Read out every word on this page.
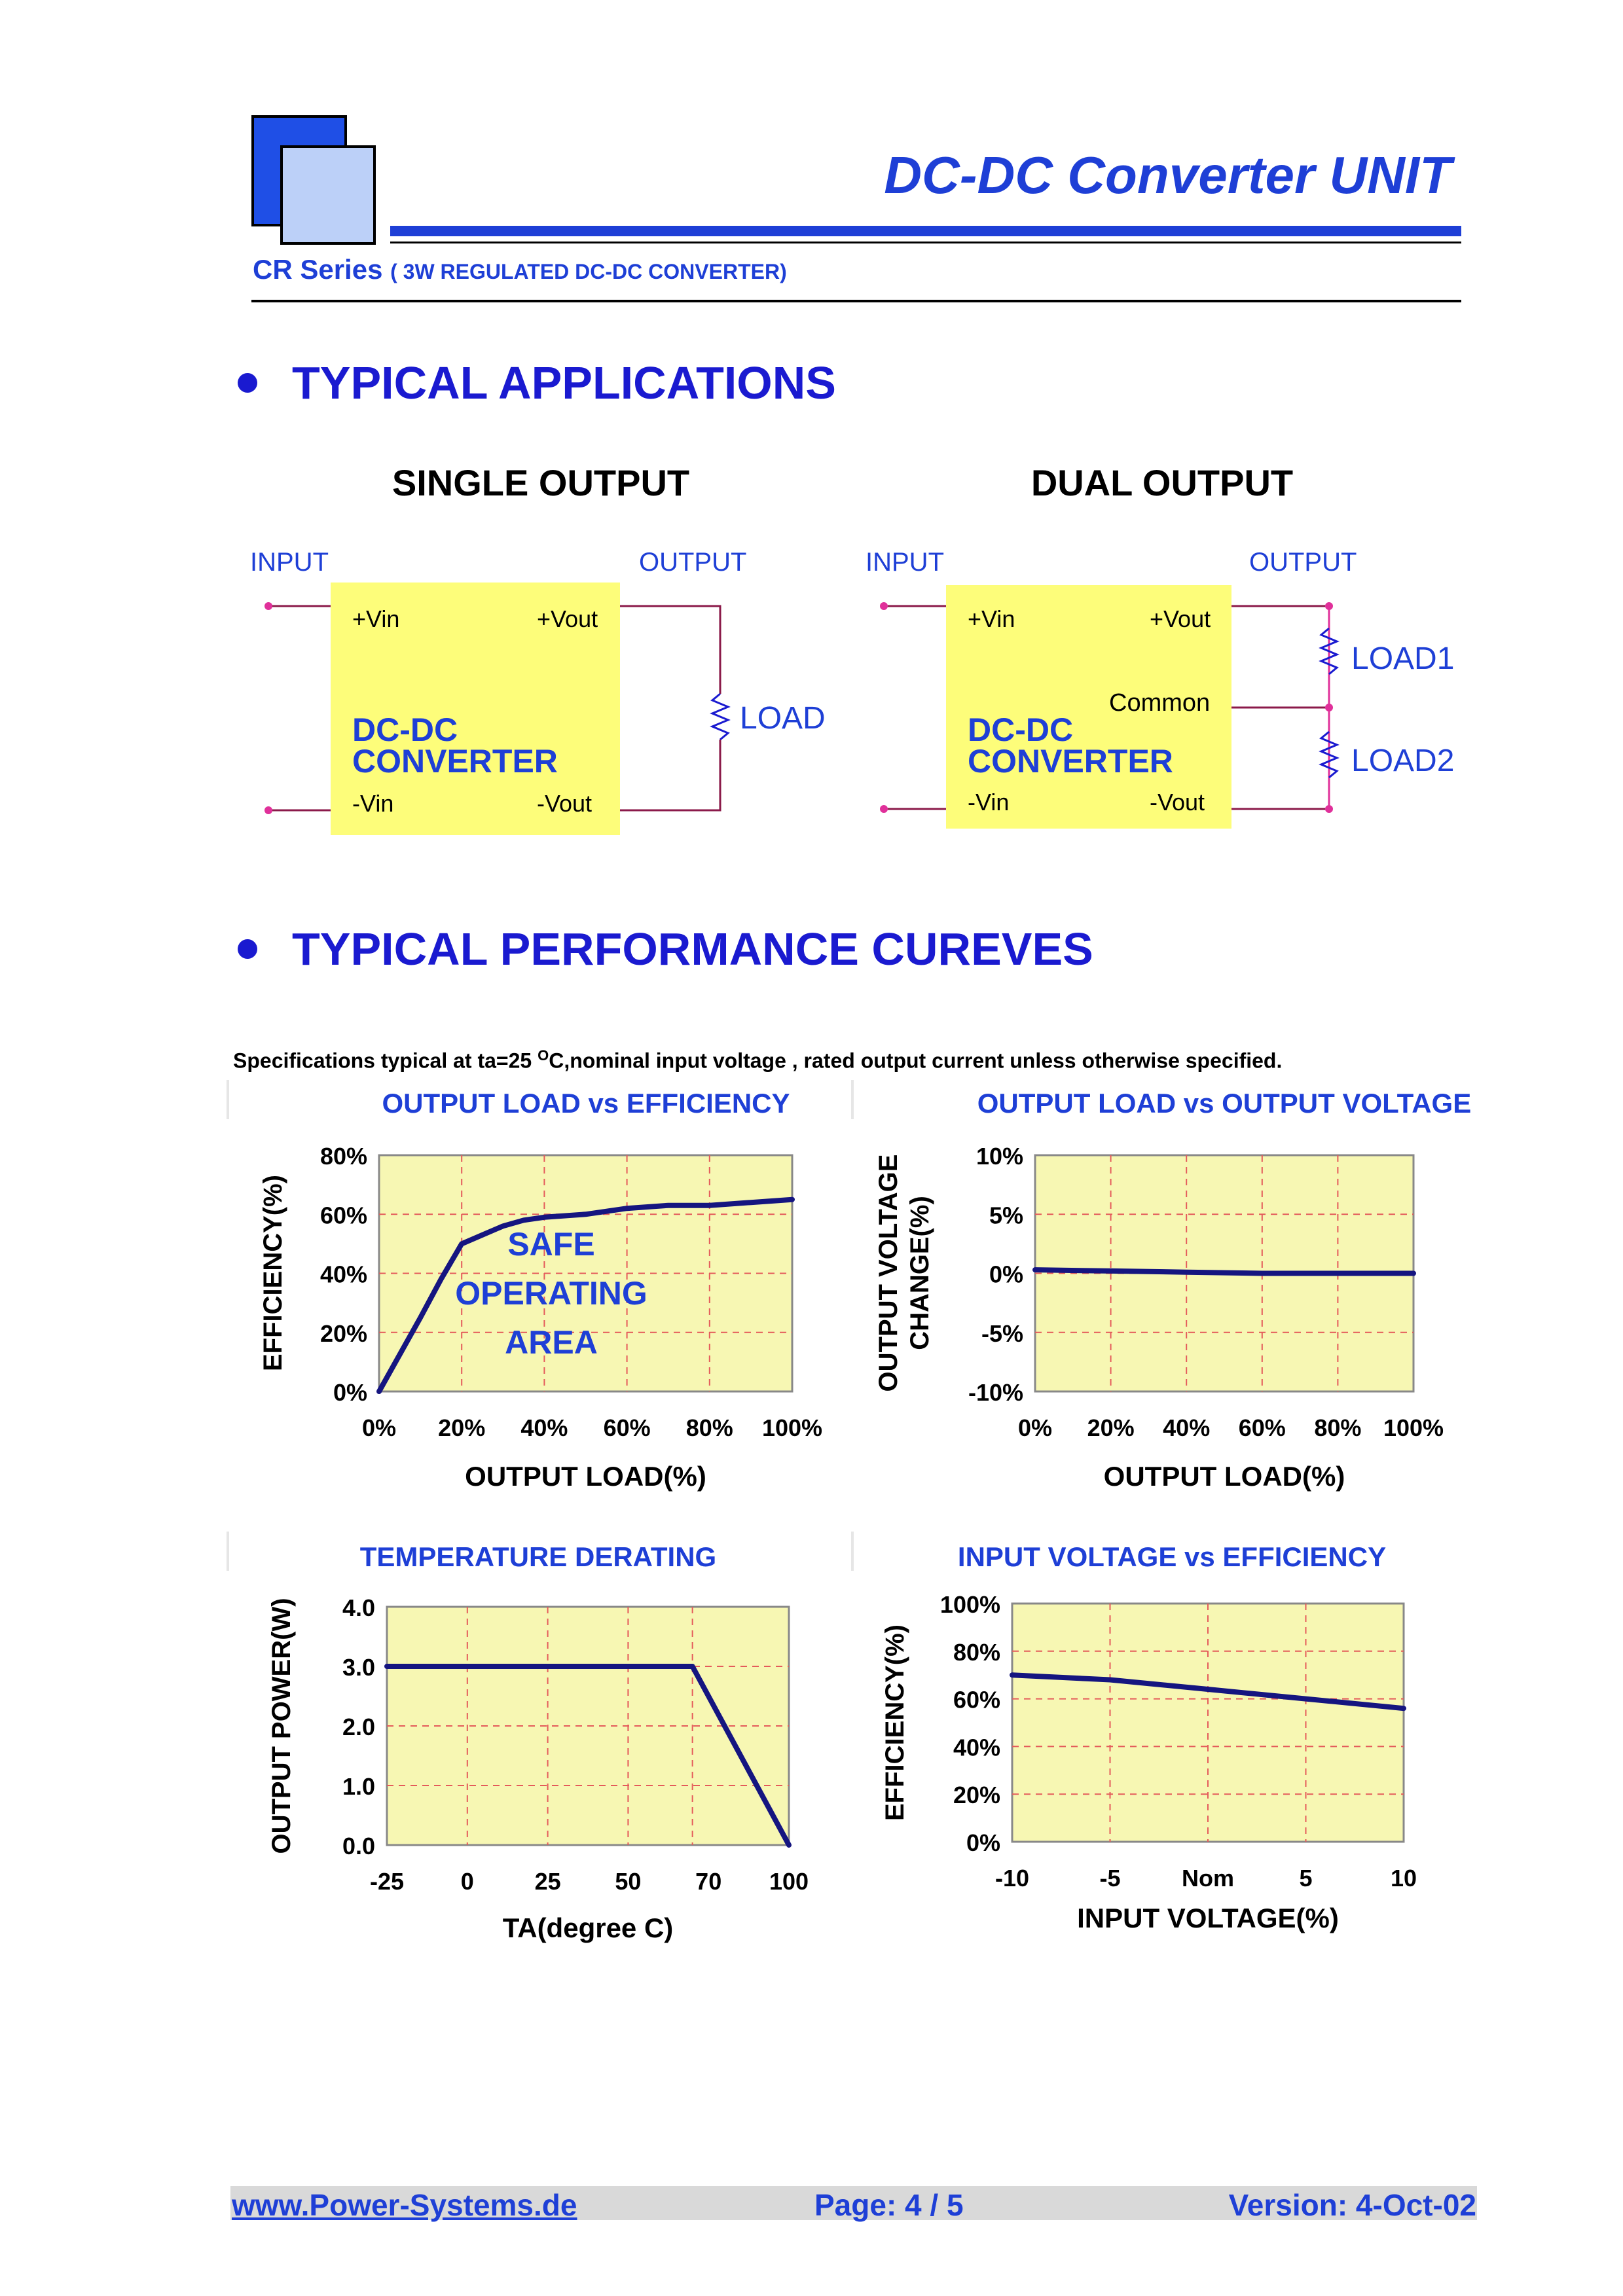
DC-DC Converter UNIT
CR Series ( 3W REGULATED DC-DC CONVERTER)
TYPICAL APPLICATIONS
SINGLE OUTPUT
INPUT	OUTPUT
LOAD
+Vin	+Vout
-Vin	-Vout
DC-DC
CONVERTER
DUAL OUTPUT
INPUT	OUTPUT
LOAD1
LOAD2
+Vin	+Vout
Common
-Vin	-Vout
DC-DC
CONVERTER
TYPICAL PERFORMANCE CUREVES
Specifications typical at ta=25 $^O$C,nominal input voltage , rated output current unless otherwise specified.
OUTPUT LOAD vs EFFICIENCY
0%
20%
40%
60%
80%
0% 20% 40% 60% 80% 100%
OUTPUT LOAD(%)
EFFICIENCY(%)	SAFE
OPERATING
AREA
OUTPUT LOAD vs OUTPUT VOLTAGE
-10%
-5%
0%
5%
10%
0% 20% 40% 60% 80% 100%
OUTPUT LOAD(%)
OUTPUT VOLTAGE CHANGE(%)
TEMPERATURE DERATING
0.0
1.0
2.0
3.0
4.0
-25 0	25 50 70 100
TA(degree C)
OUTPUT POWER(W)
INPUT VOLTAGE vs EFFICIENCY
0%
20%
40%
60%
80%
100%
-10	-5	Nom	5	10
INPUT VOLTAGE(%)
EFFICIENCY(%)
www.Power-Systems.de	Page: 4 / 5	Version: 4-Oct-02
